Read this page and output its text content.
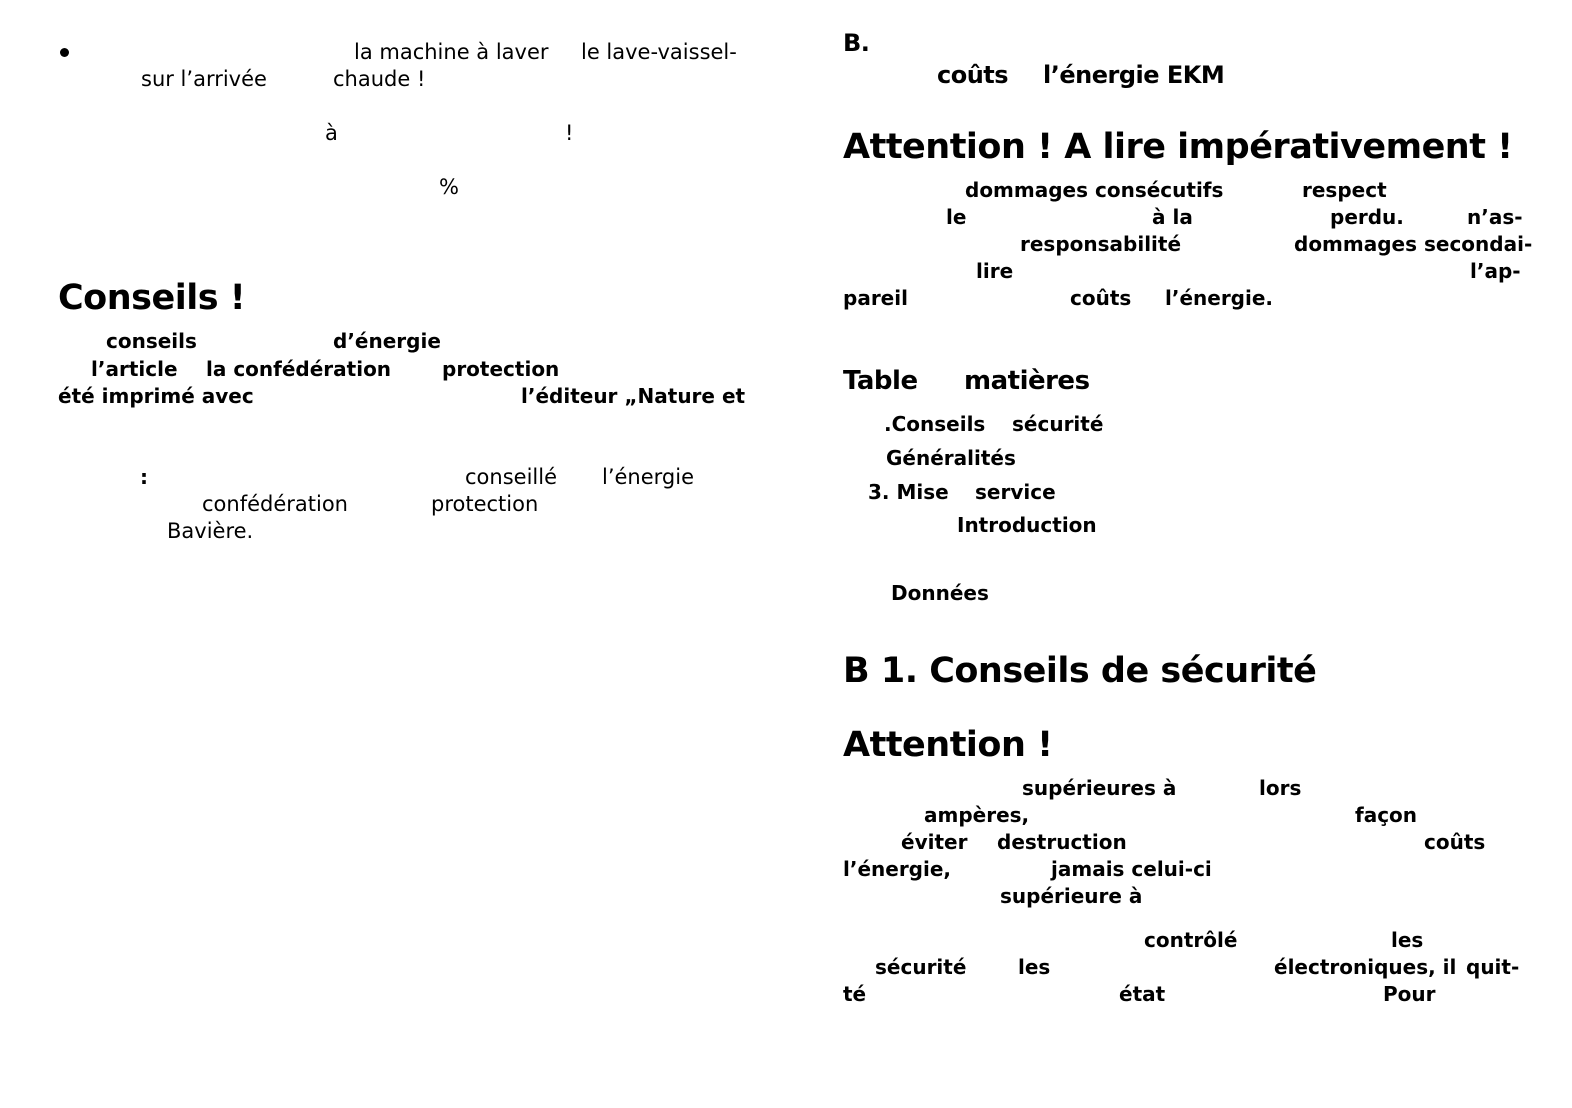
la machine à laver le lave-vaissel-
sur l’arrivée	chaude !
à	!
%
Conseils !
conseils	d’énergie
l’article la confédération	protection
été imprimé avec	l’éditeur „Nature et
:	conseillé l’énergie
confédération	protection
Bavière.
B.
coûts l’énergie EKM
Attention ! A lire impérativement !
dommages consécutifs	respect
le	à la	perdu.	n’as-
responsabilité	dommages secondai-
lire	l’ap-
pareil	coûts l’énergie.
Table matières
.Conseils sécurité
Généralités
3. Mise service
Introduction
Données
B 1. Conseils de sécurité
Attention !
supérieures à	lors
ampères,	façon
éviter destruction	coûts
l’énergie,	jamais celui-ci
supérieure à
contrôlé	les
sécurité	les	électroniques, il quit-
té	état	Pour
